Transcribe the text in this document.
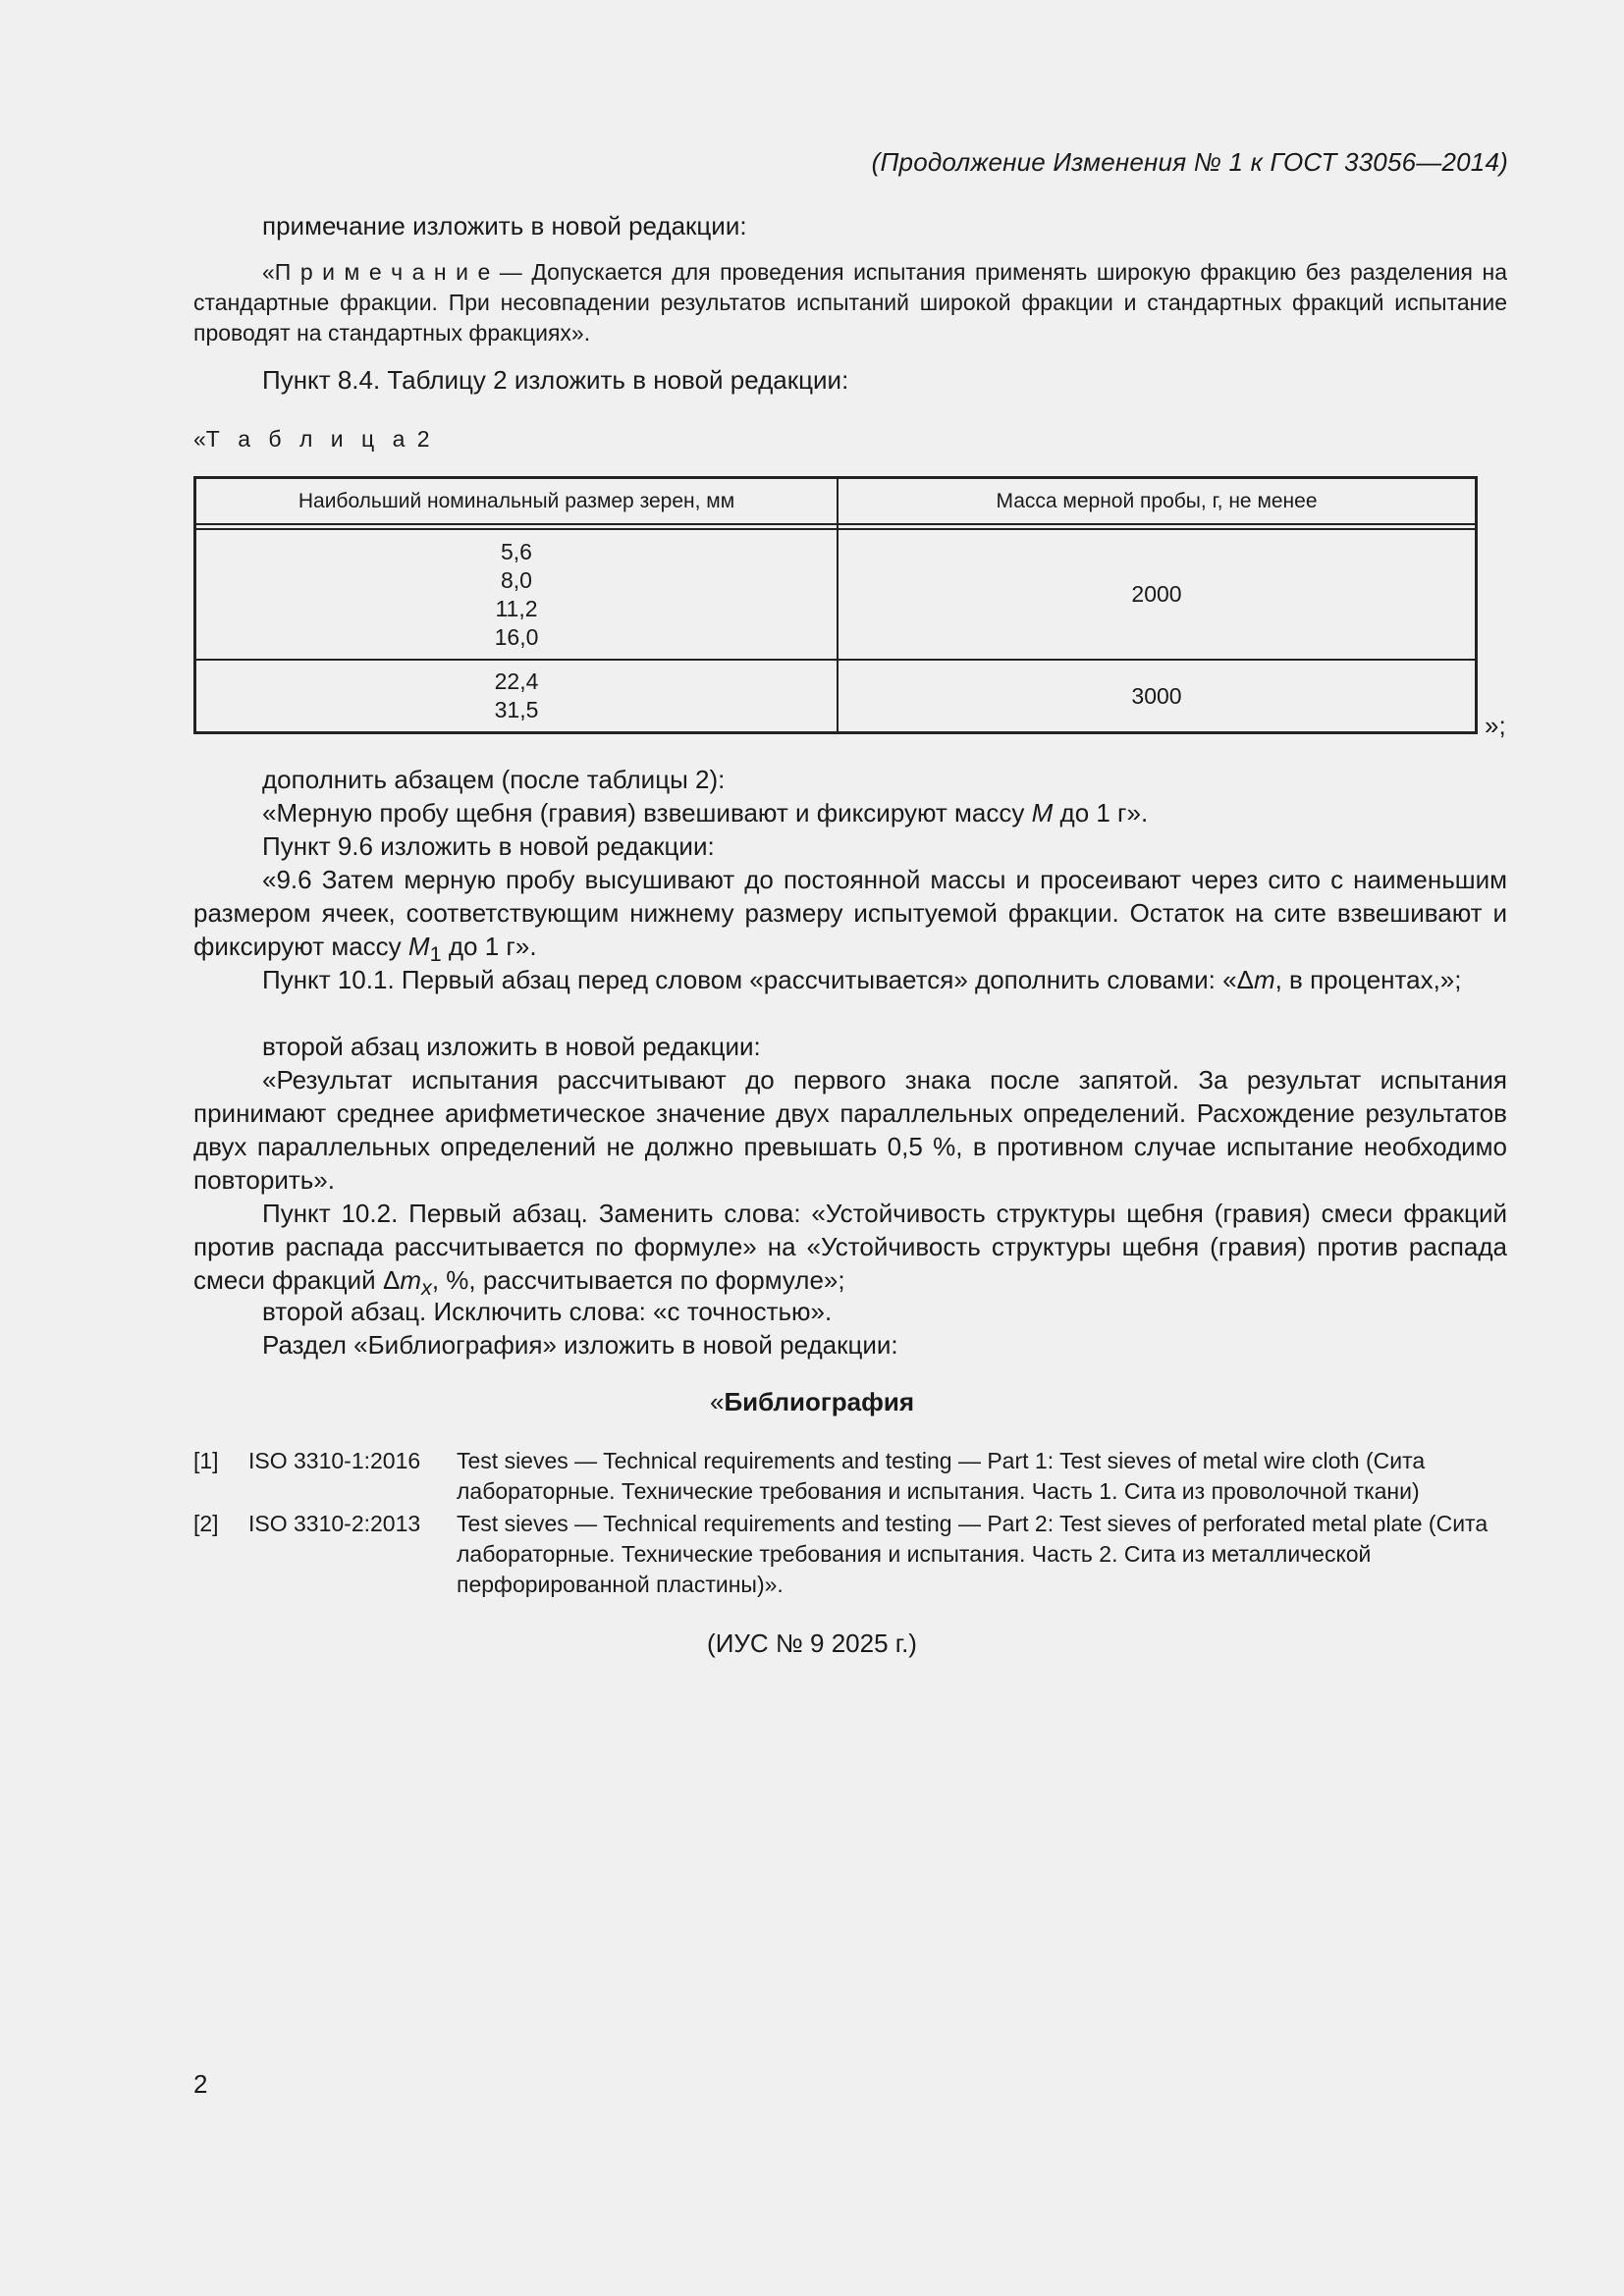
(Продолжение Изменения № 1 к ГОСТ 33056—2014)
примечание изложить в новой редакции:
«П р и м е ч а н и е — Допускается для проведения испытания применять широкую фракцию без разделения на стандартные фракции. При несовпадении результатов испытаний широкой фракции и стандартных фракций испытание проводят на стандартных фракциях».
Пункт 8.4. Таблицу 2 изложить в новой редакции:
«Т а б л и ц а 2
Наибольший номинальный размер зерен, мм	Масса мерной пробы, г, не менее
5,6
8,0
11,2
16,0
2000
22,4
31,5
3000
»;
дополнить абзацем (после таблицы 2):
«Мерную пробу щебня (гравия) взвешивают и фиксируют массу M до 1 г».
Пункт 9.6 изложить в новой редакции:
«9.6 Затем мерную пробу высушивают до постоянной массы и просеивают через сито с наименьшим размером ячеек, соответствующим нижнему размеру испытуемой фракции. Остаток на сите взвешивают и фиксируют массу $M_1$ до 1 г».
Пункт 10.1. Первый абзац перед словом «рассчитывается» дополнить словами: «Δm, в процентах,»;
второй абзац изложить в новой редакции:
«Результат испытания рассчитывают до первого знака после запятой. За результат испытания принимают среднее арифметическое значение двух параллельных определений. Расхождение результатов двух параллельных определений не должно превышать 0,5 %, в противном случае испытание необходимо повторить».
Пункт 10.2. Первый абзац. Заменить слова: «Устойчивость структуры щебня (гравия) смеси фракций против распада рассчитывается по формуле» на «Устойчивость структуры щебня (гравия) против распада смеси фракций $\Delta m_x$, %, рассчитывается по формуле»;
второй абзац. Исключить слова: «с точностью».
Раздел «Библиография» изложить в новой редакции:
«Библиография
[1] ISO 3310-1:2016 Test sieves — Technical requirements and testing — Part 1: Test sieves of metal wire cloth (Сита лабораторные. Технические требования и испытания. Часть 1. Сита из проволочной ткани)
[2] ISO 3310-2:2013 Test sieves — Technical requirements and testing — Part 2: Test sieves of perforated metal plate (Сита лабораторные. Технические требования и испытания. Часть 2. Сита из металлической перфорированной пластины)».
(ИУС № 9 2025 г.)
2
